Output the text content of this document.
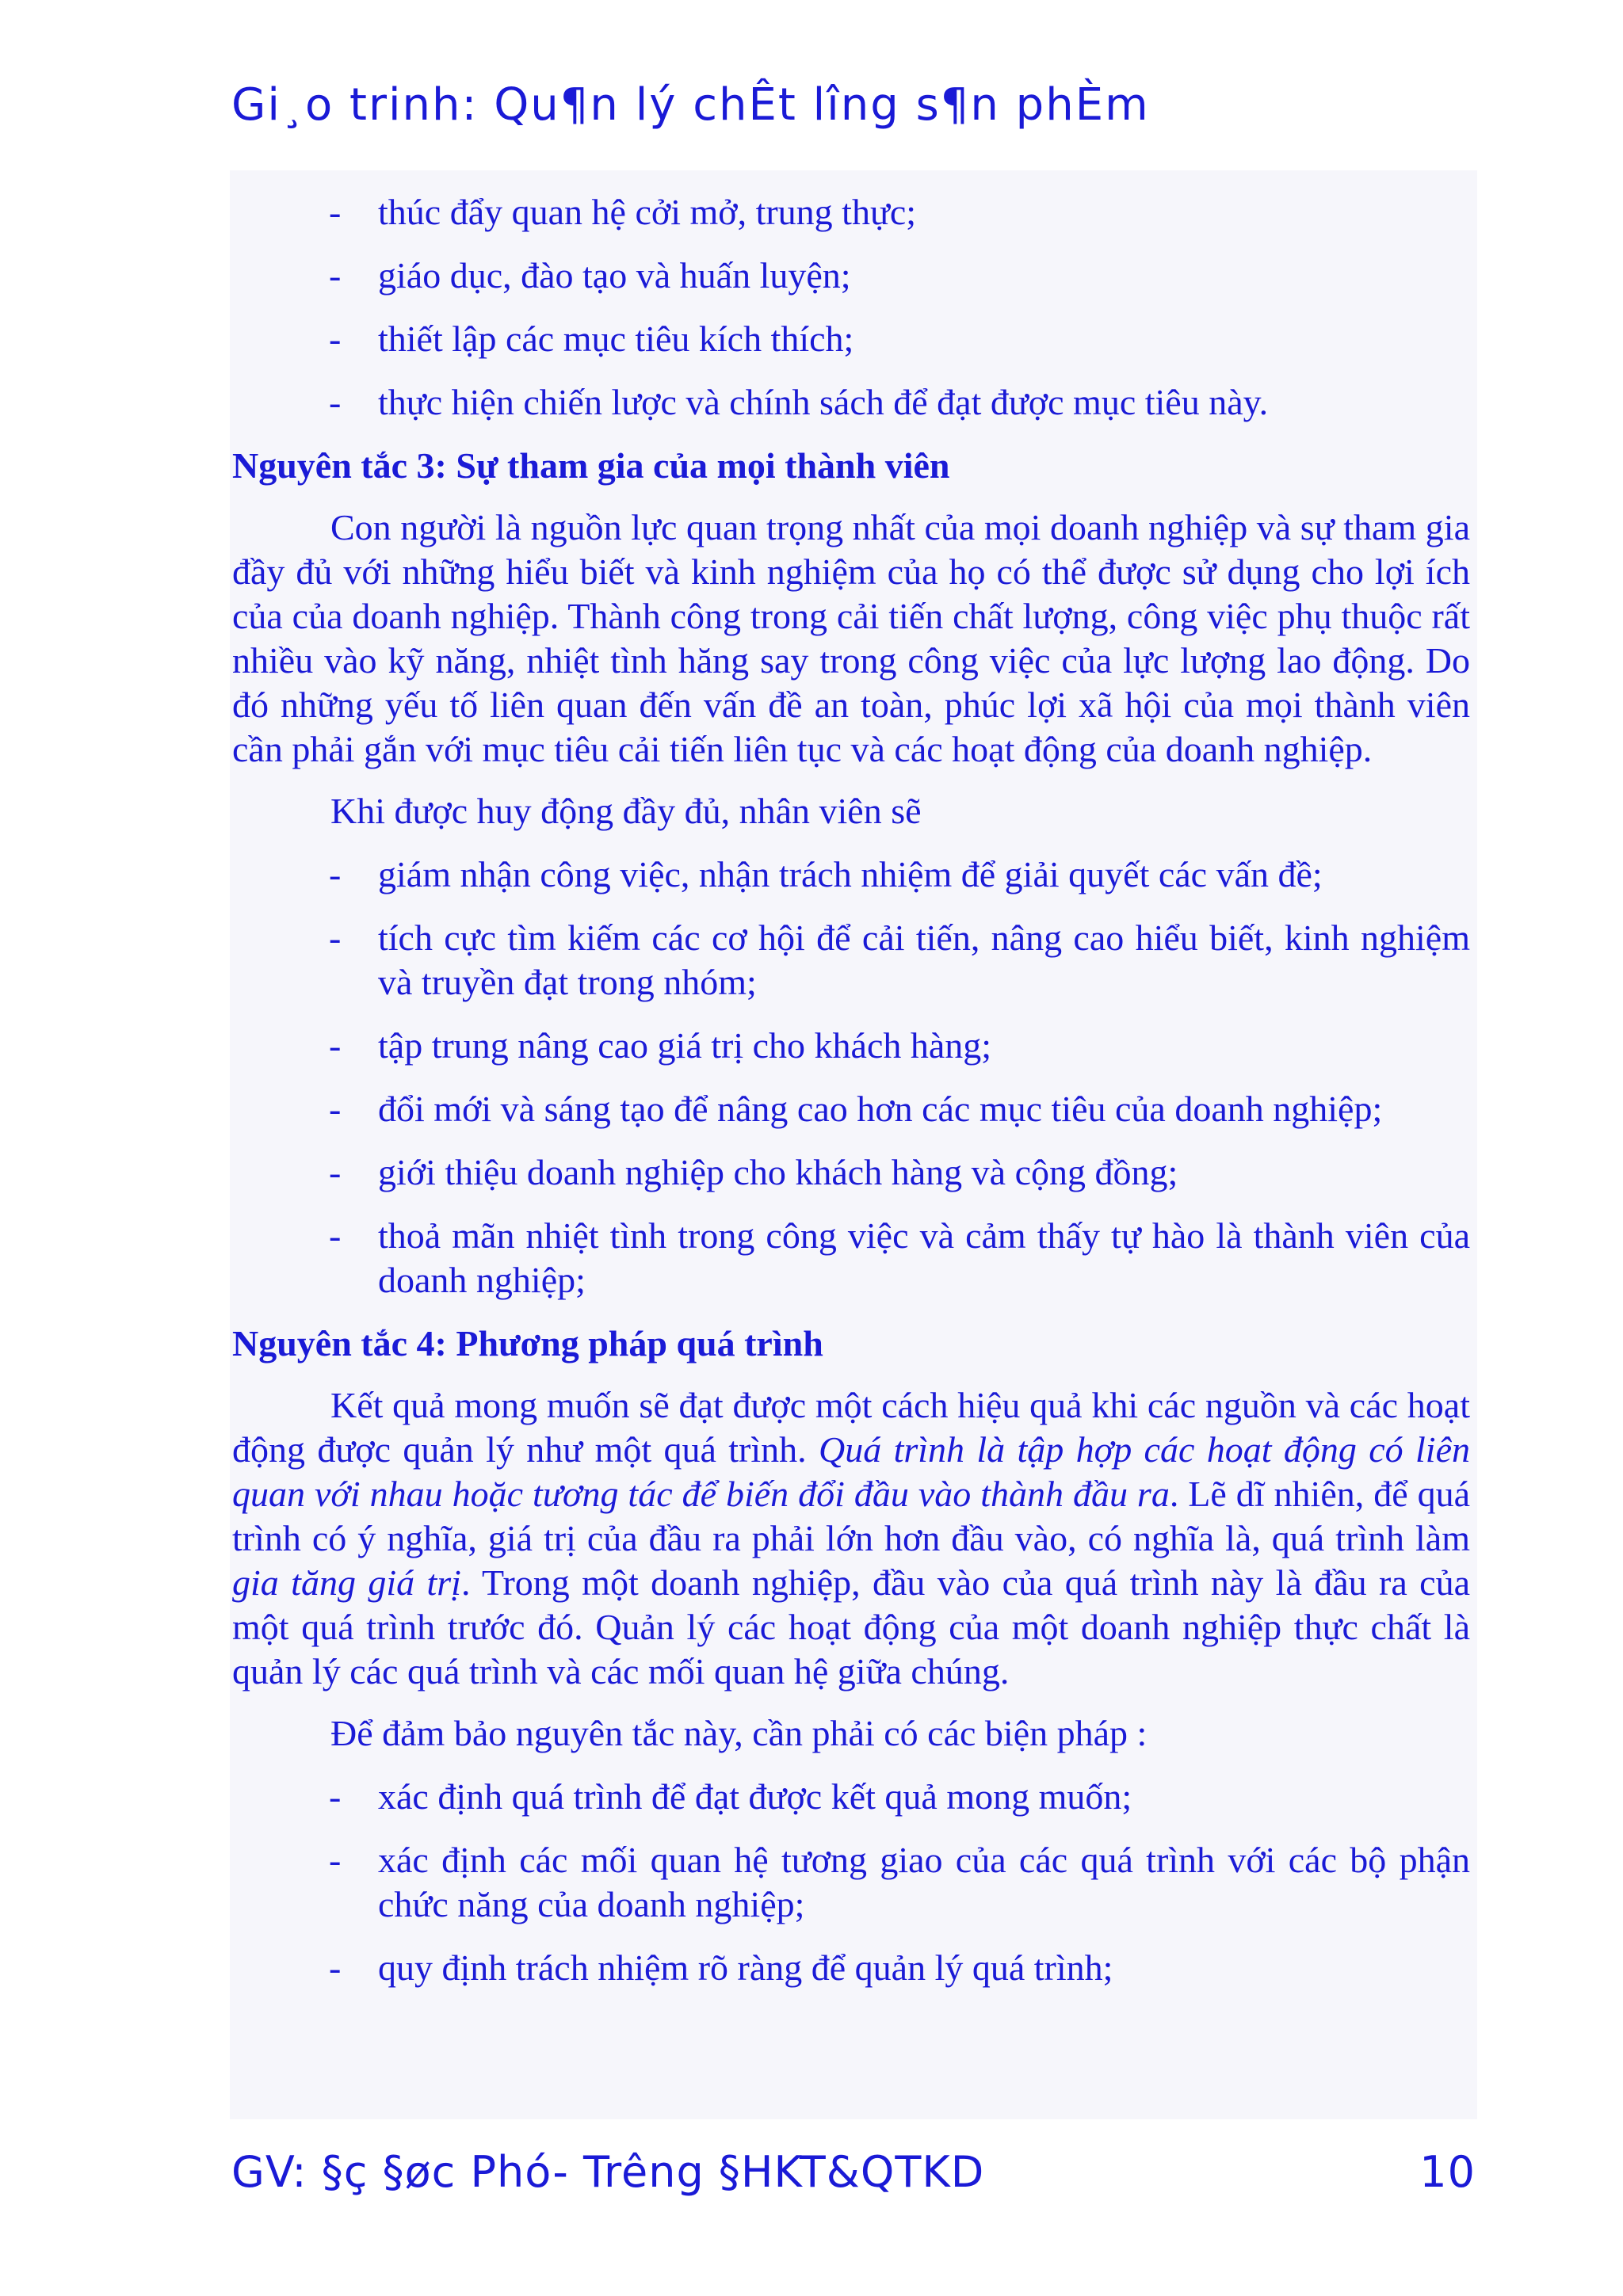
Gi¸o trinh: Qu¶n lý chÊt lîng s¶n phÈm
-	thúc đẩy quan hệ cởi mở, trung thực;
-	giáo dục, đào tạo và huấn luyện;
-	thiết lập các mục tiêu kích thích;
-	thực hiện chiến lược và chính sách để đạt được mục tiêu này.
Nguyên tắc 3: Sự tham gia của mọi thành viên
Con người là nguồn lực quan trọng nhất của mọi doanh nghiệp và sự tham gia đầy đủ với những hiểu biết và kinh nghiệm của họ có thể được sử dụng cho lợi ích của của doanh nghiệp. Thành công trong cải tiến chất lượng, công việc phụ thuộc rất nhiều vào kỹ năng, nhiệt tình hăng say trong công việc của lực lượng lao động. Do đó những yếu tố liên quan đến vấn đề an toàn, phúc lợi xã hội của mọi thành viên cần phải gắn với mục tiêu cải tiến liên tục và các hoạt động của doanh nghiệp.
Khi được huy động đầy đủ, nhân viên sẽ
-	giám nhận công việc, nhận trách nhiệm để giải quyết các vấn đề;
-	tích cực tìm kiếm các cơ hội để cải tiến, nâng cao hiểu biết, kinh nghiệm và truyền đạt trong nhóm;
-	tập trung nâng cao giá trị cho khách hàng;
-	đổi mới và sáng tạo để nâng cao hơn các mục tiêu của doanh nghiệp;
-	giới thiệu doanh nghiệp cho khách hàng và cộng đồng;
-	thoả mãn nhiệt tình trong công việc và cảm thấy tự hào là thành viên của doanh nghiệp;
Nguyên tắc 4: Phương pháp quá trình
Kết quả mong muốn sẽ đạt được một cách hiệu quả khi các nguồn và các hoạt động được quản lý như một quá trình. Quá trình là tập hợp các hoạt động có liên quan với nhau hoặc tương tác để biến đổi đầu vào thành đầu ra. Lẽ dĩ nhiên, để quá trình có ý nghĩa, giá trị của đầu ra phải lớn hơn đầu vào, có nghĩa là, quá trình làm gia tăng giá trị. Trong một doanh nghiệp, đầu vào của quá trình này là đầu ra của một quá trình trước đó. Quản lý các hoạt động của một doanh nghiệp thực chất là quản lý các quá trình và các mối quan hệ giữa chúng.
Để đảm bảo nguyên tắc này, cần phải có các biện pháp :
-	xác định quá trình để đạt được kết quả mong muốn;
-	xác định các mối quan hệ tương giao của các quá trình với các bộ phận chức năng của doanh nghiệp;
-	quy định trách nhiệm rõ ràng để quản lý quá trình;
GV: §ç §øc Phó- Trêng §HKT&QTKD	10
